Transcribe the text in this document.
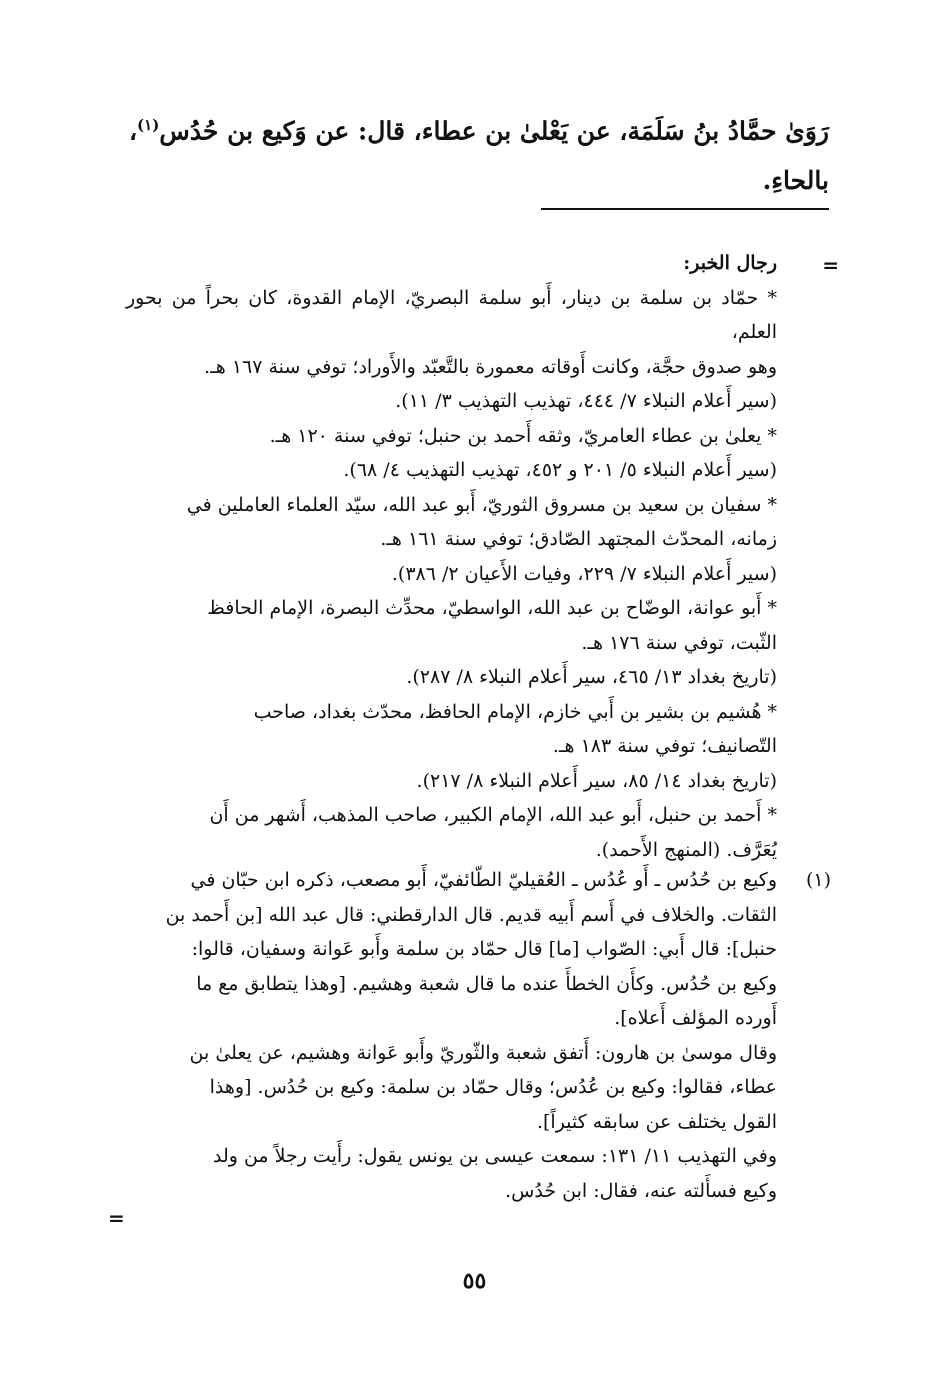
رَوَىٰ حمَّادُ بنُ سَلَمَة، عن يَعْلىٰ بن عطاء، قال: عن وَكيع بن حُدُس$^{(١)}$،
بالحاءِ.
=

رجال الخبر:

* حمّاد بن سلمة بن دينار، أَبو سلمة البصريّ، الإمام القدوة، كان بحراً من بحور العلم،

وهو صدوق حجَّة، وكانت أَوقاته معمورة بالتَّعبّد والأَوراد؛ توفي سنة ١٦٧ هـ.

(سير أَعلام النبلاء ٧/ ٤٤٤، تهذيب التهذيب ٣/ ١١).

* يعلىٰ بن عطاء العامريّ، وثقه أَحمد بن حنبل؛ توفي سنة ١٢٠ هـ.

(سير أَعلام النبلاء ٥/ ٢٠١ و ٤٥٢، تهذيب التهذيب ٤/ ٦٨).

* سفيان بن سعيد بن مسروق الثوريّ، أَبو عبد الله، سيّد العلماء العاملين في

زمانه، المحدّث المجتهد الصّادق؛ توفي سنة ١٦١ هـ.

(سير أَعلام النبلاء ٧/ ٢٢٩، وفيات الأَعيان ٢/ ٣٨٦).

* أَبو عوانة، الوضّاح بن عبد الله، الواسطيّ، محدِّث البصرة، الإمام الحافظ

الثّبت، توفي سنة ١٧٦ هـ.

(تاريخ بغداد ١٣/ ٤٦٥، سير أَعلام النبلاء ٨/ ٢٨٧).

* هُشيم بن بشير بن أَبي خازم، الإمام الحافظ، محدّث بغداد، صاحب

التّصانيف؛ توفي سنة ١٨٣ هـ.

(تاريخ بغداد ١٤/ ٨٥، سير أَعلام النبلاء ٨/ ٢١٧).

* أَحمد بن حنبل، أَبو عبد الله، الإمام الكبير، صاحب المذهب، أَشهر من أَن

يُعَرَّف. (المنهج الأَحمد).

(١)

وكيع بن حُدُس ـ أَو عُدُس ـ العُقيليّ الطّائفيّ، أَبو مصعب، ذكره ابن حبّان في

الثقات. والخلاف في أَسم أَبيه قديم. قال الدارقطني: قال عبد الله [بن أَحمد بن

حنبل]: قال أَبي: الصّواب [ما] قال حمّاد بن سلمة وأَبو عَوانة وسفيان، قالوا:

وكيع بن حُدُس. وكأَن الخطأَ عنده ما قال شعبة وهشيم. [وهذا يتطابق مع ما

أَورده المؤلف أَعلاه].

وقال موسىٰ بن هارون: أَتفق شعبة والثّوريّ وأَبو عَوانة وهشيم، عن يعلىٰ بن

عطاء، فقالوا: وكيع بن عُدُس؛ وقال حمّاد بن سلمة: وكيع بن حُدُس. [وهذا

القول يختلف عن سابقه كثيراً].

وفي التهذيب ١١/ ١٣١: سمعت عيسى بن يونس يقول: رأَيت رجلاً من ولد

وكيع فسأَلته عنه، فقال: ابن حُدُس.

=
٥٥
